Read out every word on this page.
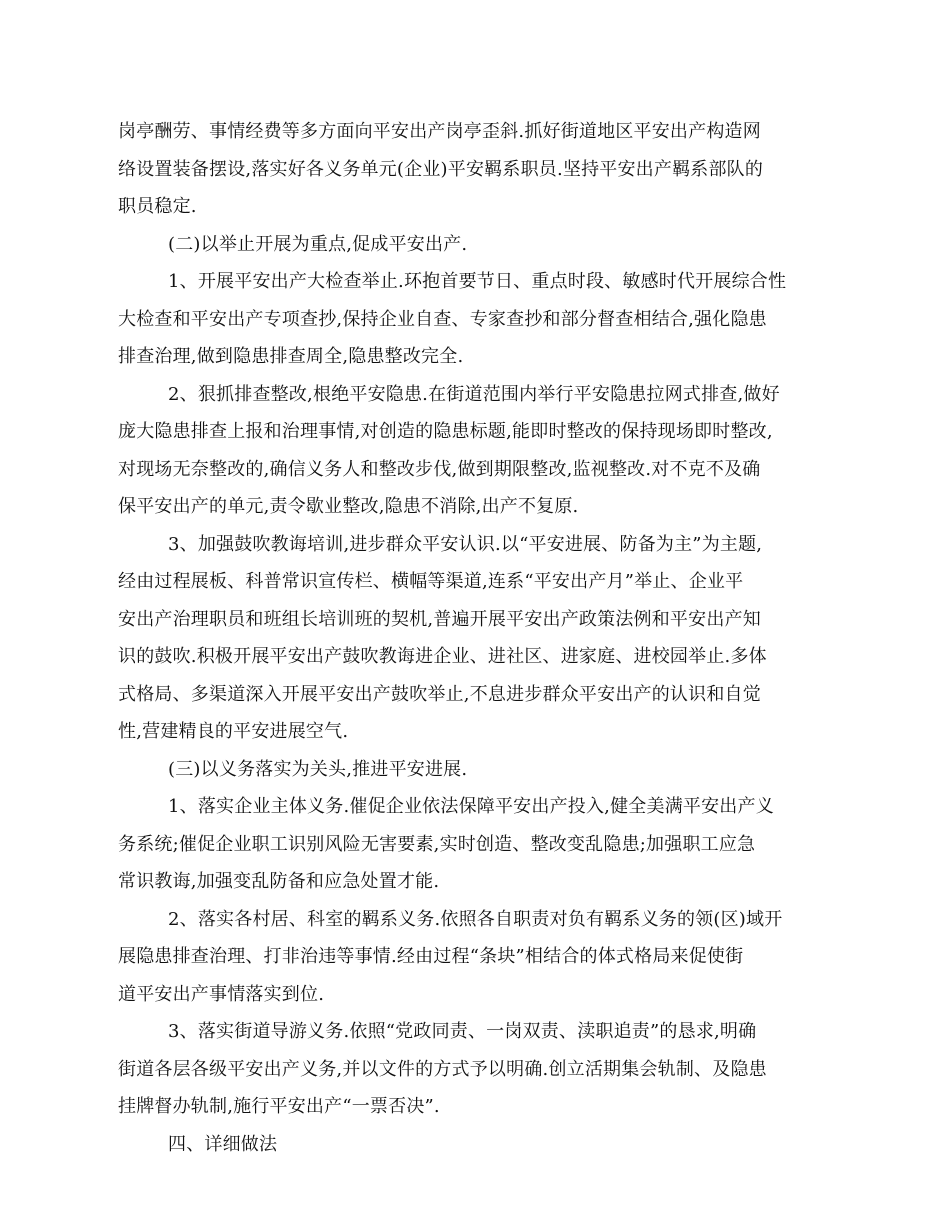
岗亭酬劳、事情经费等多方面向平安出产岗亭歪斜.抓好街道地区平安出产构造网
络设置装备摆设,落实好各义务单元(企业)平安羁系职员.坚持平安出产羁系部队的
职员稳定.
(二)以举止开展为重点,促成平安出产.
1、开展平安出产大检查举止.环抱首要节日、重点时段、敏感时代开展综合性
大检查和平安出产专项查抄,保持企业自查、专家查抄和部分督查相结合,强化隐患
排查治理,做到隐患排查周全,隐患整改完全.
2、狠抓排查整改,根绝平安隐患.在街道范围内举行平安隐患拉网式排查,做好
庞大隐患排查上报和治理事情,对创造的隐患标题,能即时整改的保持现场即时整改,
对现场无奈整改的,确信义务人和整改步伐,做到期限整改,监视整改.对不克不及确
保平安出产的单元,责令歇业整改,隐患不消除,出产不复原.
3、加强鼓吹教诲培训,进步群众平安认识.以“平安进展、防备为主”为主题,
经由过程展板、科普常识宣传栏、横幅等渠道,连系“平安出产月”举止、企业平
安出产治理职员和班组长培训班的契机,普遍开展平安出产政策法例和平安出产知
识的鼓吹.积极开展平安出产鼓吹教诲进企业、进社区、进家庭、进校园举止.多体
式格局、多渠道深入开展平安出产鼓吹举止,不息进步群众平安出产的认识和自觉
性,营建精良的平安进展空气.
(三)以义务落实为关头,推进平安进展.
1、落实企业主体义务.催促企业依法保障平安出产投入,健全美满平安出产义
务系统;催促企业职工识别风险无害要素,实时创造、整改变乱隐患;加强职工应急
常识教诲,加强变乱防备和应急处置才能.
2、落实各村居、科室的羁系义务.依照各自职责对负有羁系义务的领(区)域开
展隐患排查治理、打非治违等事情.经由过程“条块”相结合的体式格局来促使街
道平安出产事情落实到位.
3、落实街道导游义务.依照“党政同责、一岗双责、渎职追责”的恳求,明确
街道各层各级平安出产义务,并以文件的方式予以明确.创立活期集会轨制、及隐患
挂牌督办轨制,施行平安出产“一票否决”.
四、详细做法
